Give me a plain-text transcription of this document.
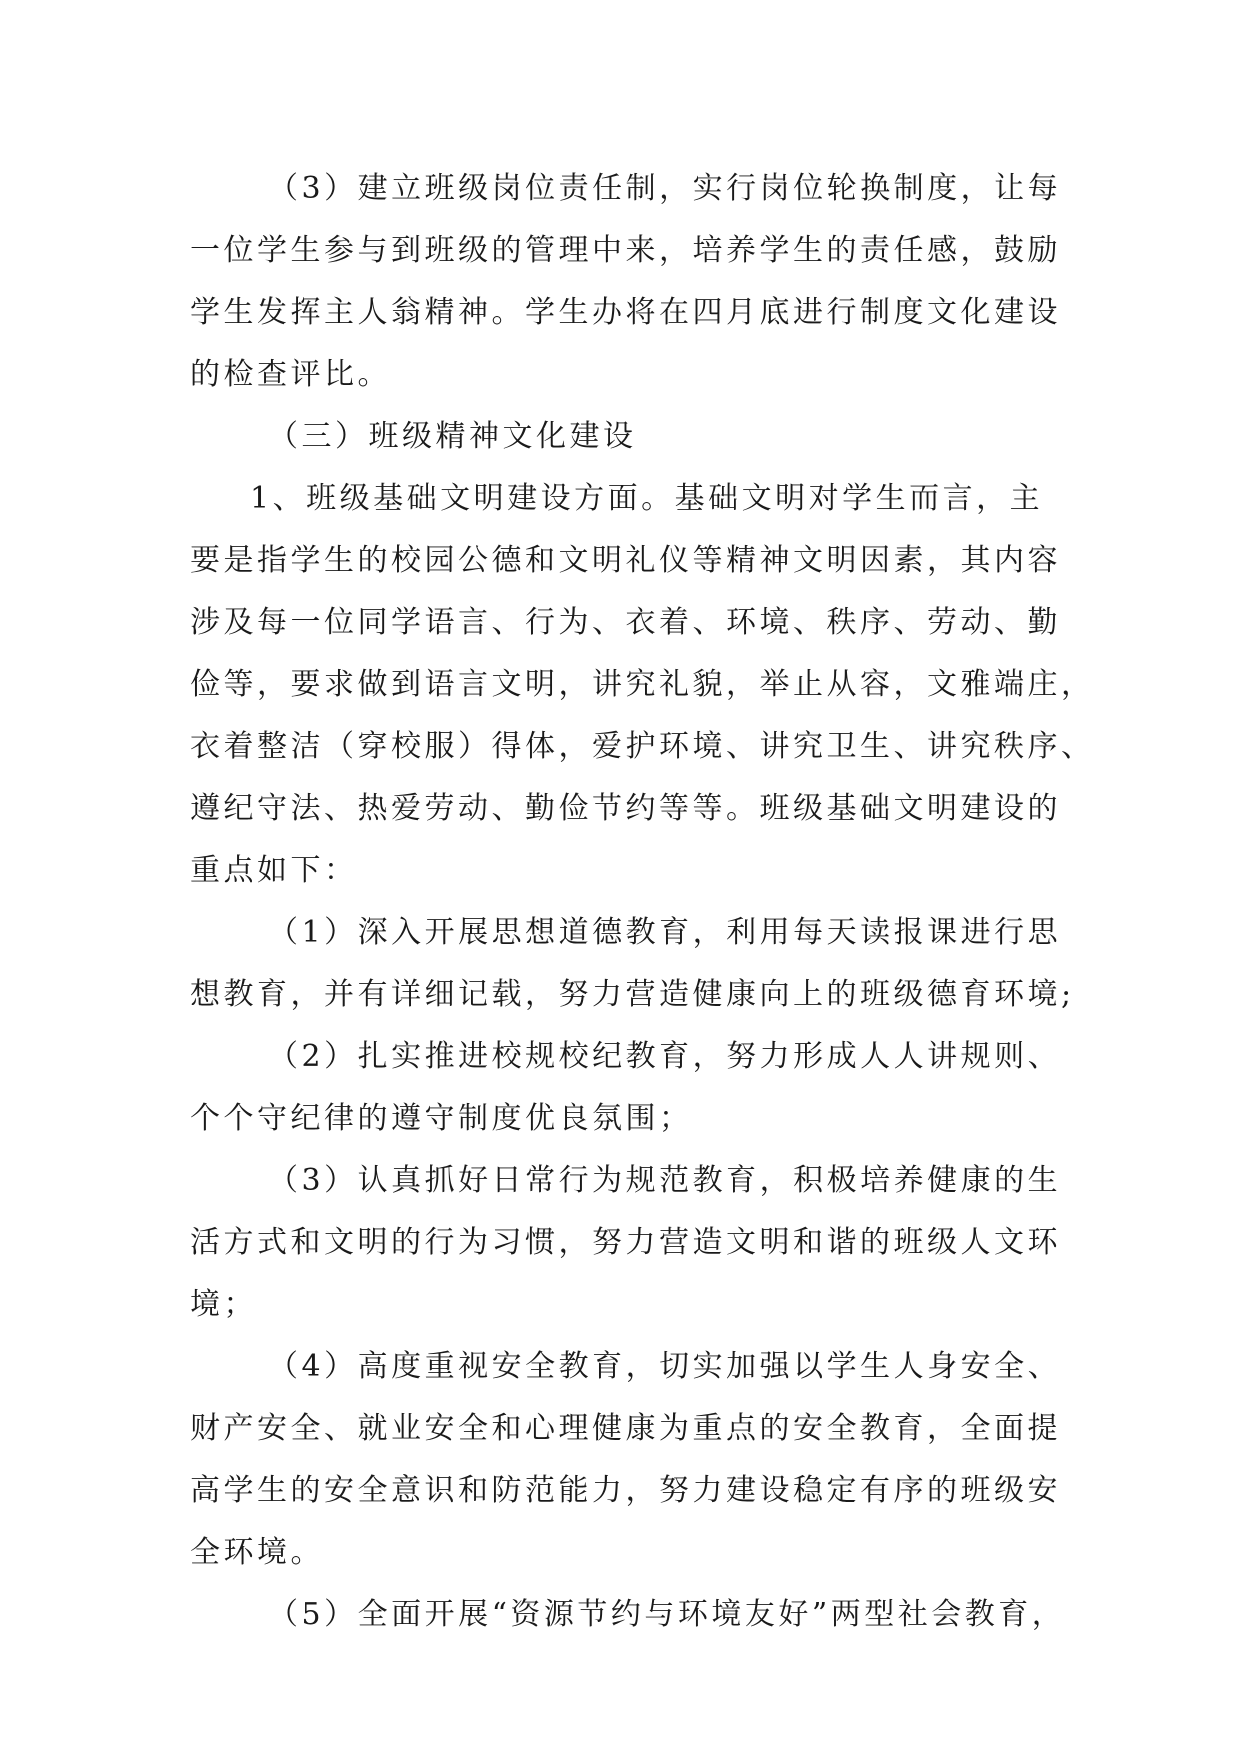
（3）建立班级岗位责任制，实行岗位轮换制度，让每
一位学生参与到班级的管理中来，培养学生的责任感，鼓励
学生发挥主人翁精神。学生办将在四月底进行制度文化建设
的检查评比。
（三）班级精神文化建设
1、班级基础文明建设方面。基础文明对学生而言，主
要是指学生的校园公德和文明礼仪等精神文明因素，其内容
涉及每一位同学语言、行为、衣着、环境、秩序、劳动、勤
俭等，要求做到语言文明，讲究礼貌，举止从容，文雅端庄，
衣着整洁（穿校服）得体，爱护环境、讲究卫生、讲究秩序、
遵纪守法、热爱劳动、勤俭节约等等。班级基础文明建设的
重点如下：
（1）深入开展思想道德教育，利用每天读报课进行思
想教育，并有详细记载，努力营造健康向上的班级德育环境;
（2）扎实推进校规校纪教育，努力形成人人讲规则、
个个守纪律的遵守制度优良氛围；
（3）认真抓好日常行为规范教育，积极培养健康的生
活方式和文明的行为习惯，努力营造文明和谐的班级人文环
境；
（4）高度重视安全教育，切实加强以学生人身安全、
财产安全、就业安全和心理健康为重点的安全教育，全面提
高学生的安全意识和防范能力，努力建设稳定有序的班级安
全环境。
（5）全面开展“资源节约与环境友好”两型社会教育，
